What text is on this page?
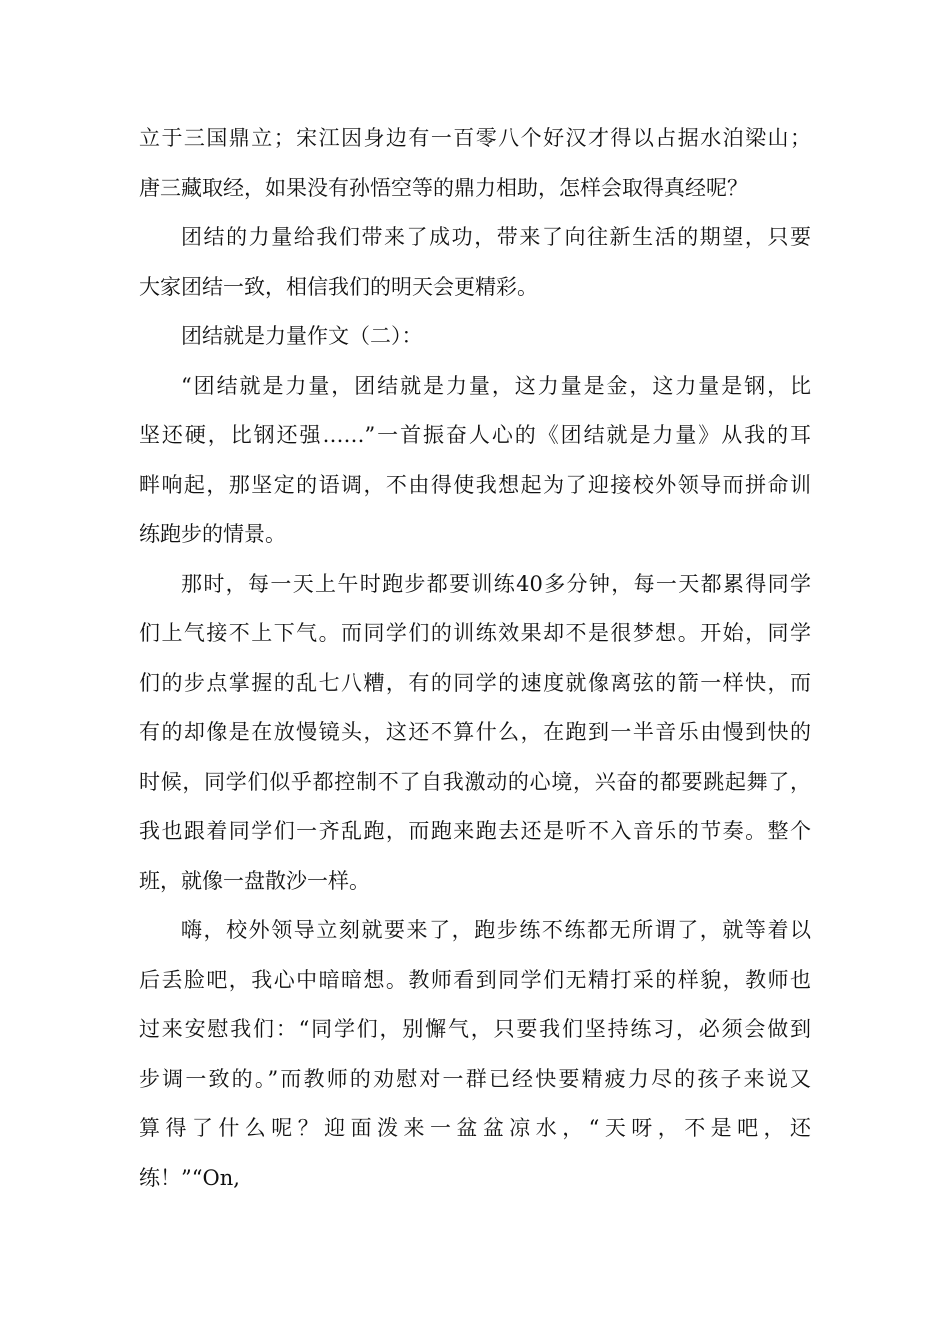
立于三国鼎立；宋江因身边有一百零八个好汉才得以占据水泊梁山；
唐三藏取经，如果没有孙悟空等的鼎力相助，怎样会取得真经呢？
团结的力量给我们带来了成功，带来了向往新生活的期望，只要
大家团结一致，相信我们的明天会更精彩。
团结就是力量作文（二）：
“团结就是力量，团结就是力量，这力量是金，这力量是钢，比
坚还硬，比钢还强……”一首振奋人心的《团结就是力量》从我的耳
畔响起，那坚定的语调，不由得使我想起为了迎接校外领导而拼命训
练跑步的情景。
那时，每一天上午时跑步都要训练40多分钟，每一天都累得同学
们上气接不上下气。而同学们的训练效果却不是很梦想。开始，同学
们的步点掌握的乱七八糟，有的同学的速度就像离弦的箭一样快，而
有的却像是在放慢镜头，这还不算什么，在跑到一半音乐由慢到快的
时候，同学们似乎都控制不了自我激动的心境，兴奋的都要跳起舞了，
我也跟着同学们一齐乱跑，而跑来跑去还是听不入音乐的节奏。整个
班，就像一盘散沙一样。
嗨，校外领导立刻就要来了，跑步练不练都无所谓了，就等着以
后丢脸吧，我心中暗暗想。教师看到同学们无精打采的样貌，教师也
过来安慰我们：“同学们，别懈气，只要我们坚持练习，必须会做到
步调一致的。”而教师的劝慰对一群已经快要精疲力尽的孩子来说又
算得了什么呢？迎面泼来一盆盆凉水，“天呀，不是吧，还
练！”“On,
